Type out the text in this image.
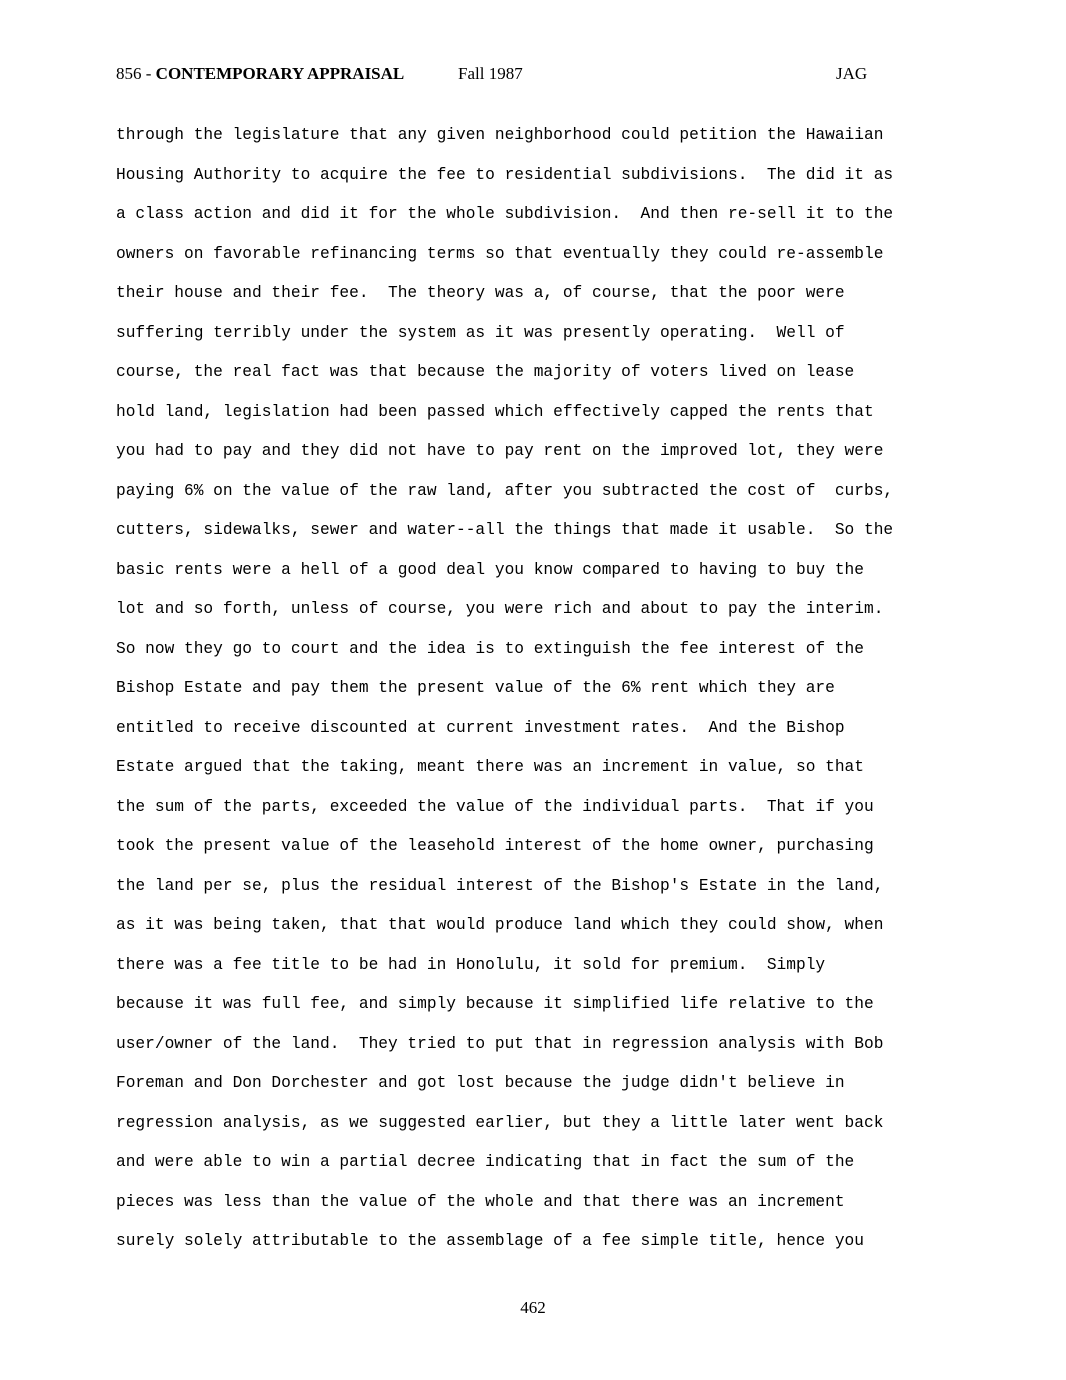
856 - CONTEMPORARY APPRAISAL	Fall 1987	JAG
through the legislature that any given neighborhood could petition the Hawaiian
Housing Authority to acquire the fee to residential subdivisions.  The did it as
a class action and did it for the whole subdivision.  And then re-sell it to the
owners on favorable refinancing terms so that eventually they could re-assemble
their house and their fee.  The theory was a, of course, that the poor were
suffering terribly under the system as it was presently operating.  Well of
course, the real fact was that because the majority of voters lived on lease
hold land, legislation had been passed which effectively capped the rents that
you had to pay and they did not have to pay rent on the improved lot, they were
paying 6% on the value of the raw land, after you subtracted the cost of  curbs,
cutters, sidewalks, sewer and water--all the things that made it usable.  So the
basic rents were a hell of a good deal you know compared to having to buy the
lot and so forth, unless of course, you were rich and about to pay the interim.
So now they go to court and the idea is to extinguish the fee interest of the
Bishop Estate and pay them the present value of the 6% rent which they are
entitled to receive discounted at current investment rates.  And the Bishop
Estate argued that the taking, meant there was an increment in value, so that
the sum of the parts, exceeded the value of the individual parts.  That if you
took the present value of the leasehold interest of the home owner, purchasing
the land per se, plus the residual interest of the Bishop's Estate in the land,
as it was being taken, that that would produce land which they could show, when
there was a fee title to be had in Honolulu, it sold for premium.  Simply
because it was full fee, and simply because it simplified life relative to the
user/owner of the land.  They tried to put that in regression analysis with Bob
Foreman and Don Dorchester and got lost because the judge didn't believe in
regression analysis, as we suggested earlier, but they a little later went back
and were able to win a partial decree indicating that in fact the sum of the
pieces was less than the value of the whole and that there was an increment
surely solely attributable to the assemblage of a fee simple title, hence you
462
